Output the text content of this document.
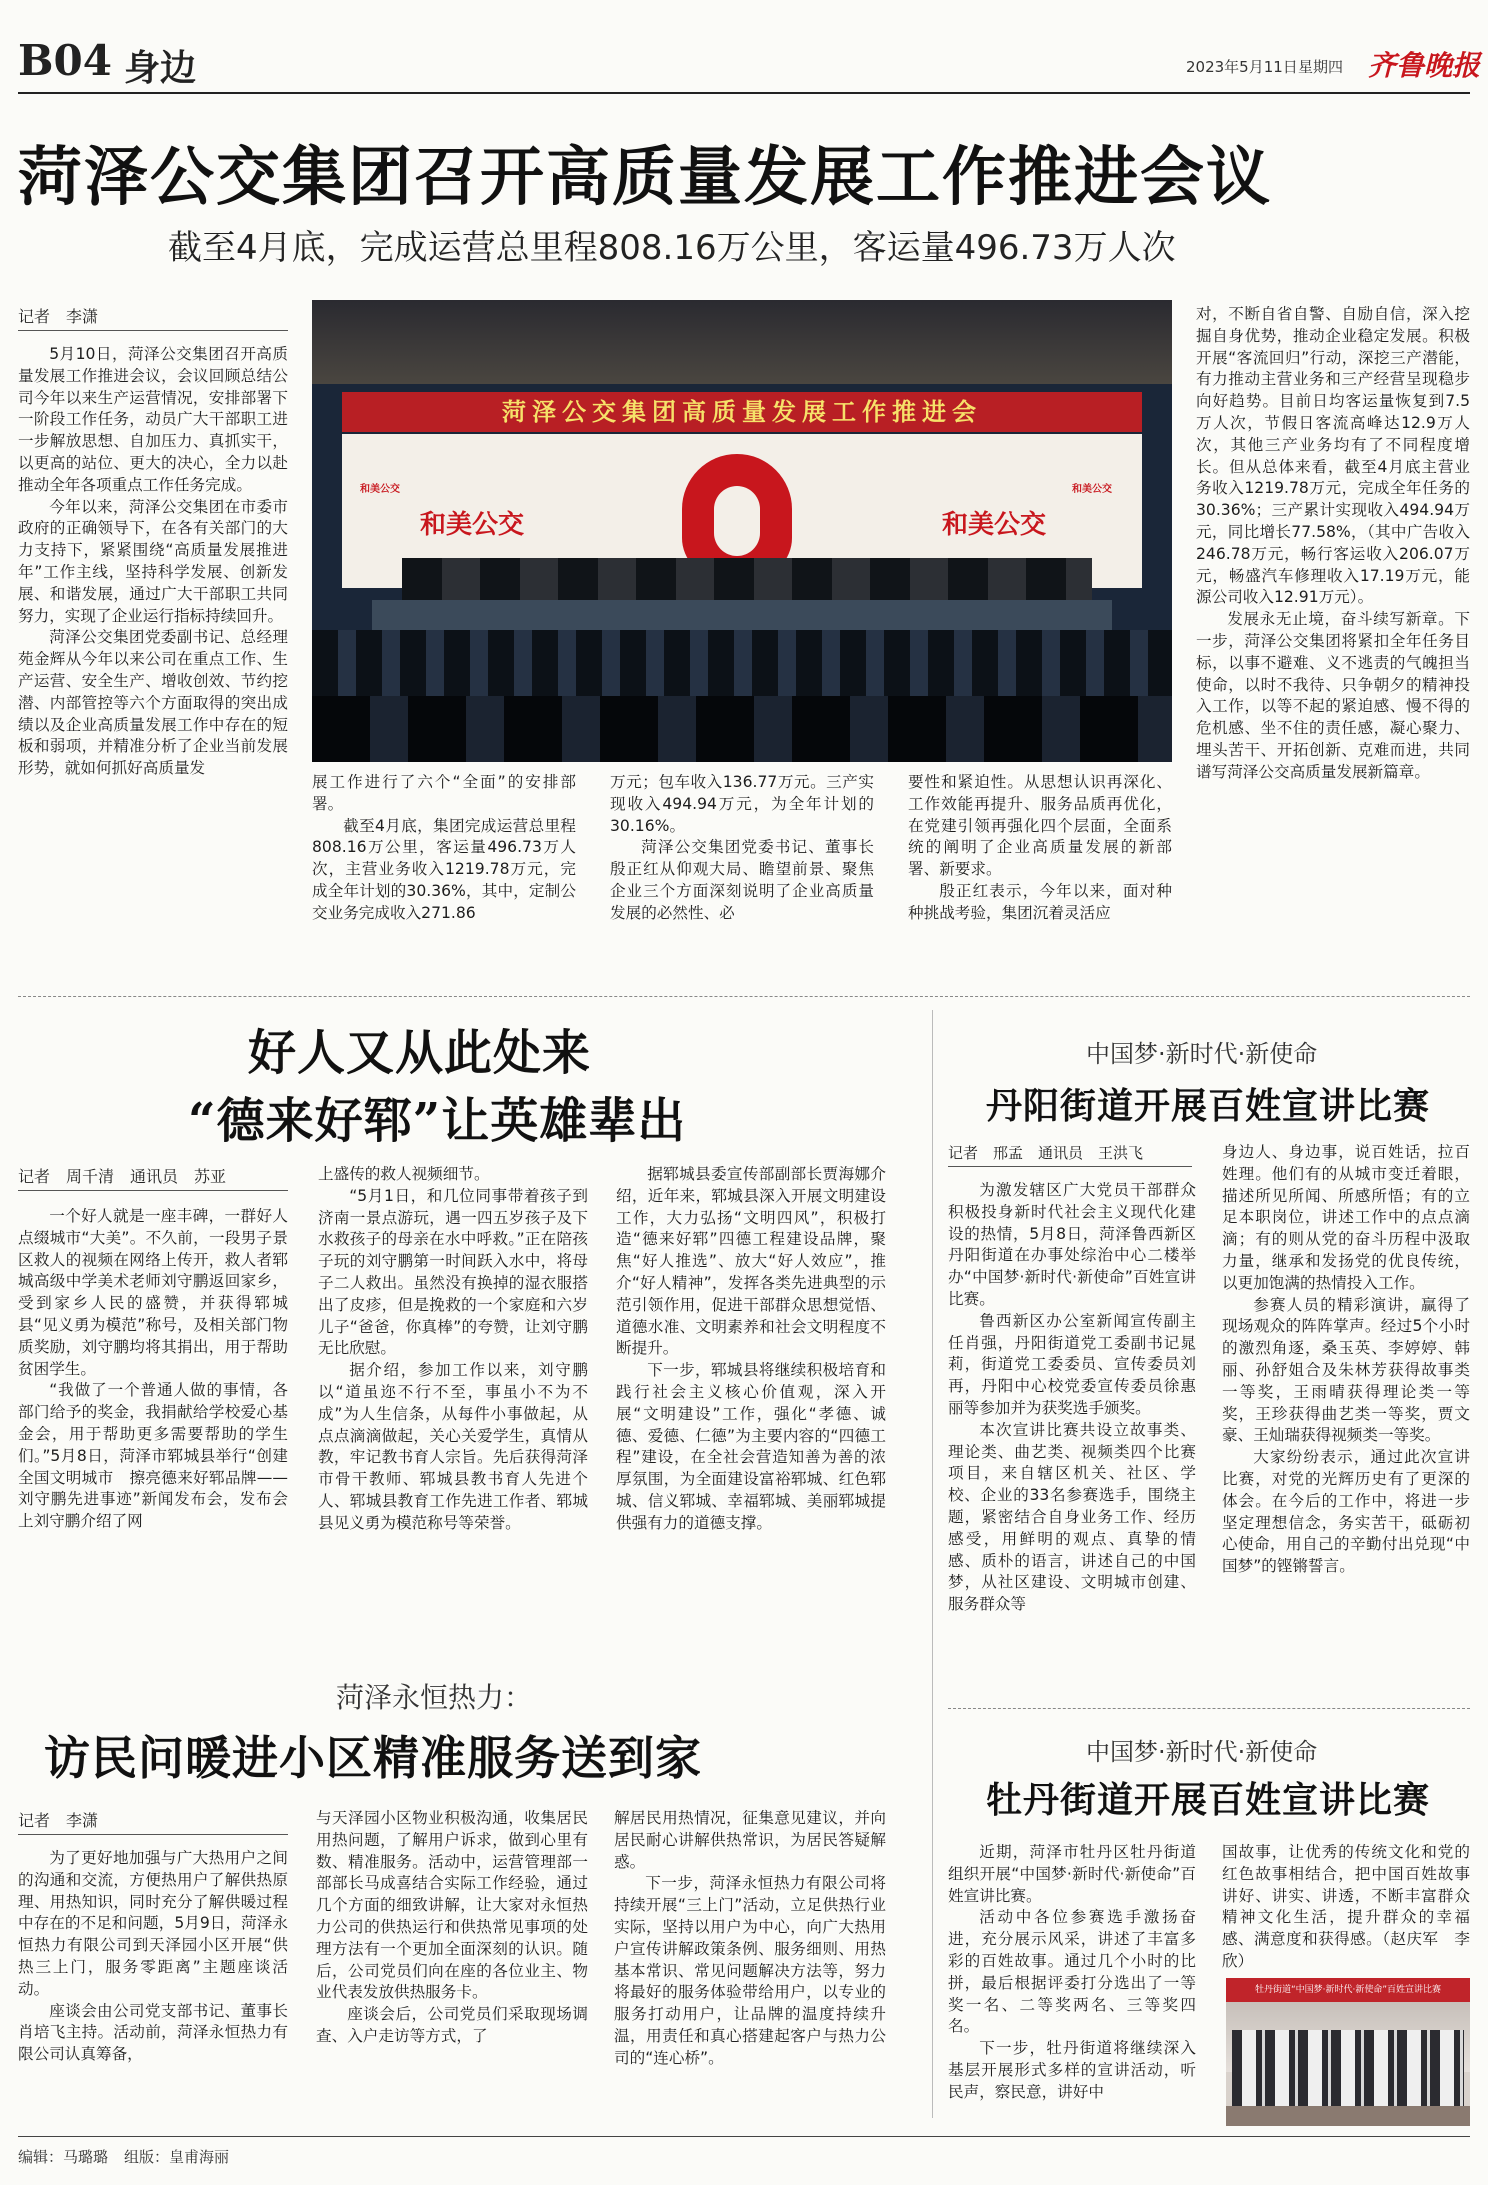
B04 身边	2023年5月11日 星期四 齐鲁晚报
菏泽公交集团召开高质量发展工作推进会议
截至4月底，完成运营总里程808.16万公里，客运量496.73万人次
记者　李潇

5月10日，菏泽公交集团召开高质量发展工作推进会议，会议回顾总结公司今年以来生产运营情况，安排部署下一阶段工作任务，动员广大干部职工进一步解放思想、自加压力、真抓实干，以更高的站位、更大的决心，全力以赴推动全年各项重点工作任务完成。

今年以来，菏泽公交集团在市委市政府的正确领导下，在各有关部门的大力支持下，紧紧围绕“高质量发展推进年”工作主线，坚持科学发展、创新发展、和谐发展，通过广大干部职工共同努力，实现了企业运行指标持续回升。

菏泽公交集团党委副书记、总经理苑金辉从今年以来公司在重点工作、生产运营、安全生产、增收创效、节约挖潜、内部管控等六个方面取得的突出成绩以及企业高质量发展工作中存在的短板和弱项，并精准分析了企业当前发展形势，就如何抓好高质量发

菏泽公交集团高质量发展工作推进会
和美公交
和美公交	和美公交
和美公交
展工作进行了六个“全面”的安排部署。

截至4月底，集团完成运营总里程808.16万公里，客运量496.73万人次，主营业务收入1219.78万元，完成全年计划的30.36%，其中，定制公交业务完成收入271.86

万元；包车收入136.77万元。三产实现收入494.94万元，为全年计划的30.16%。

菏泽公交集团党委书记、董事长殷正红从仰观大局、瞻望前景、聚焦企业三个方面深刻说明了企业高质量发展的必然性、必

要性和紧迫性。从思想认识再深化、工作效能再提升、服务品质再优化，在党建引领再强化四个层面，全面系统的阐明了企业高质量发展的新部署、新要求。

殷正红表示，今年以来，面对种种挑战考验，集团沉着灵活应

对，不断自省自警、自励自信，深入挖掘自身优势，推动企业稳定发展。积极开展“客流回归”行动，深挖三产潜能，有力推动主营业务和三产经营呈现稳步向好趋势。目前日均客运量恢复到7.5万人次，节假日客流高峰达12.9万人次，其他三产业务均有了不同程度增长。但从总体来看，截至4月底主营业务收入1219.78万元，完成全年任务的30.36%；三产累计实现收入494.94万元，同比增长77.58%，（其中广告收入246.78万元，畅行客运收入206.07万元，畅盛汽车修理收入17.19万元，能源公司收入12.91万元）。

发展永无止境，奋斗续写新章。下一步，菏泽公交集团将紧扣全年任务目标，以事不避难、义不逃责的气魄担当使命，以时不我待、只争朝夕的精神投入工作，以等不起的紧迫感、慢不得的危机感、坐不住的责任感，凝心聚力、埋头苦干、开拓创新、克难而进，共同谱写菏泽公交高质量发展新篇章。

好人又从此处来
“德来好郓”让英雄辈出
记者　周千清　通讯员　苏亚

一个好人就是一座丰碑，一群好人点缀城市“大美”。不久前，一段男子景区救人的视频在网络上传开，救人者郓城高级中学美术老师刘守鹏返回家乡，受到家乡人民的盛赞，并获得郓城县“见义勇为模范”称号，及相关部门物质奖励，刘守鹏均将其捐出，用于帮助贫困学生。

“我做了一个普通人做的事情，各部门给予的奖金，我捐献给学校爱心基金会，用于帮助更多需要帮助的学生们。”5月8日，菏泽市郓城县举行“创建全国文明城市　擦亮德来好郓品牌——刘守鹏先进事迹”新闻发布会，发布会上刘守鹏介绍了网

上盛传的救人视频细节。

“5月1日，和几位同事带着孩子到济南一景点游玩，遇一四五岁孩子及下水救孩子的母亲在水中呼救。”正在陪孩子玩的刘守鹏第一时间跃入水中，将母子二人救出。虽然没有换掉的湿衣服搭出了皮疹，但是挽救的一个家庭和六岁儿子“爸爸，你真棒”的夸赞，让刘守鹏无比欣慰。

据介绍，参加工作以来，刘守鹏以“道虽迩不行不至，事虽小不为不成”为人生信条，从每件小事做起，从点点滴滴做起，关心关爱学生，真情从教，牢记教书育人宗旨。先后获得菏泽市骨干教师、郓城县教书育人先进个人、郓城县教育工作先进工作者、郓城县见义勇为模范称号等荣誉。

据郓城县委宣传部副部长贾海娜介绍，近年来，郓城县深入开展文明建设工作，大力弘扬“文明四风”，积极打造“德来好郓”四德工程建设品牌，聚焦“好人推选”、放大“好人效应”，推介“好人精神”，发挥各类先进典型的示范引领作用，促进干部群众思想觉悟、道德水准、文明素养和社会文明程度不断提升。

下一步，郓城县将继续积极培育和践行社会主义核心价值观，深入开展“文明建设”工作，强化“孝德、诚德、爱德、仁德”为主要内容的“四德工程”建设，在全社会营造知善为善的浓厚氛围，为全面建设富裕郓城、红色郓城、信义郓城、幸福郓城、美丽郓城提供强有力的道德支撑。

中国梦·新时代·新使命
丹阳街道开展百姓宣讲比赛
记者　邢孟　通讯员　王洪飞

为激发辖区广大党员干部群众积极投身新时代社会主义现代化建设的热情，5月8日，菏泽鲁西新区丹阳街道在办事处综治中心二楼举办“中国梦·新时代·新使命”百姓宣讲比赛。

鲁西新区办公室新闻宣传副主任肖强，丹阳街道党工委副书记晁莉，街道党工委委员、宣传委员刘再，丹阳中心校党委宣传委员徐惠丽等参加并为获奖选手颁奖。

本次宣讲比赛共设立故事类、理论类、曲艺类、视频类四个比赛项目，来自辖区机关、社区、学校、企业的33名参赛选手，围绕主题，紧密结合自身业务工作、经历感受，用鲜明的观点、真挚的情感、质朴的语言，讲述自己的中国梦，从社区建设、文明城市创建、服务群众等

身边人、身边事，说百姓话，拉百姓理。他们有的从城市变迁着眼，描述所见所闻、所感所悟；有的立足本职岗位，讲述工作中的点点滴滴；有的则从党的奋斗历程中汲取力量，继承和发扬党的优良传统，以更加饱满的热情投入工作。

参赛人员的精彩演讲，赢得了现场观众的阵阵掌声。经过5个小时的激烈角逐，桑玉英、李婷婷、韩丽、孙舒姐合及朱林芳获得故事类一等奖，王雨晴获得理论类一等奖，王珍获得曲艺类一等奖，贾文豪、王灿瑞获得视频类一等奖。

大家纷纷表示，通过此次宣讲比赛，对党的光辉历史有了更深的体会。在今后的工作中，将进一步坚定理想信念，务实苦干，砥砺初心使命，用自己的辛勤付出兑现“中国梦”的铿锵誓言。

菏泽永恒热力：
访民问暖进小区精准服务送到家
记者　李潇

为了更好地加强与广大热用户之间的沟通和交流，方便热用户了解供热原理、用热知识，同时充分了解供暖过程中存在的不足和问题，5月9日，菏泽永恒热力有限公司到天泽园小区开展“供热三上门，服务零距离”主题座谈活动。

座谈会由公司党支部书记、董事长肖培飞主持。活动前，菏泽永恒热力有限公司认真筹备，

与天泽园小区物业积极沟通，收集居民用热问题，了解用户诉求，做到心里有数、精准服务。活动中，运营管理部一部部长马成喜结合实际工作经验，通过几个方面的细致讲解，让大家对永恒热力公司的供热运行和供热常见事项的处理方法有一个更加全面深刻的认识。随后，公司党员们向在座的各位业主、物业代表发放供热服务卡。

座谈会后，公司党员们采取现场调查、入户走访等方式，了

解居民用热情况，征集意见建议，并向居民耐心讲解供热常识，为居民答疑解惑。

下一步，菏泽永恒热力有限公司将持续开展“三上门”活动，立足供热行业实际，坚持以用户为中心，向广大热用户宣传讲解政策条例、服务细则、用热基本常识、常见问题解决方法等，努力将最好的服务体验带给用户，以专业的服务打动用户，让品牌的温度持续升温，用责任和真心搭建起客户与热力公司的“连心桥”。

中国梦·新时代·新使命
牡丹街道开展百姓宣讲比赛

近期，菏泽市牡丹区牡丹街道组织开展“中国梦·新时代·新使命”百姓宣讲比赛。

活动中各位参赛选手激扬奋进，充分展示风采，讲述了丰富多彩的百姓故事。通过几个小时的比拼，最后根据评委打分选出了一等奖一名、二等奖两名、三等奖四名。

下一步，牡丹街道将继续深入基层开展形式多样的宣讲活动，听民声，察民意，讲好中

国故事，让优秀的传统文化和党的红色故事相结合，把中国百姓故事讲好、讲实、讲透，不断丰富群众精神文化生活，提升群众的幸福感、满意度和获得感。（赵庆军　李欣）
牡丹街道“中国梦·新时代·新使命”百姓宣讲比赛
编辑：马璐璐 组版：皇甫海丽
